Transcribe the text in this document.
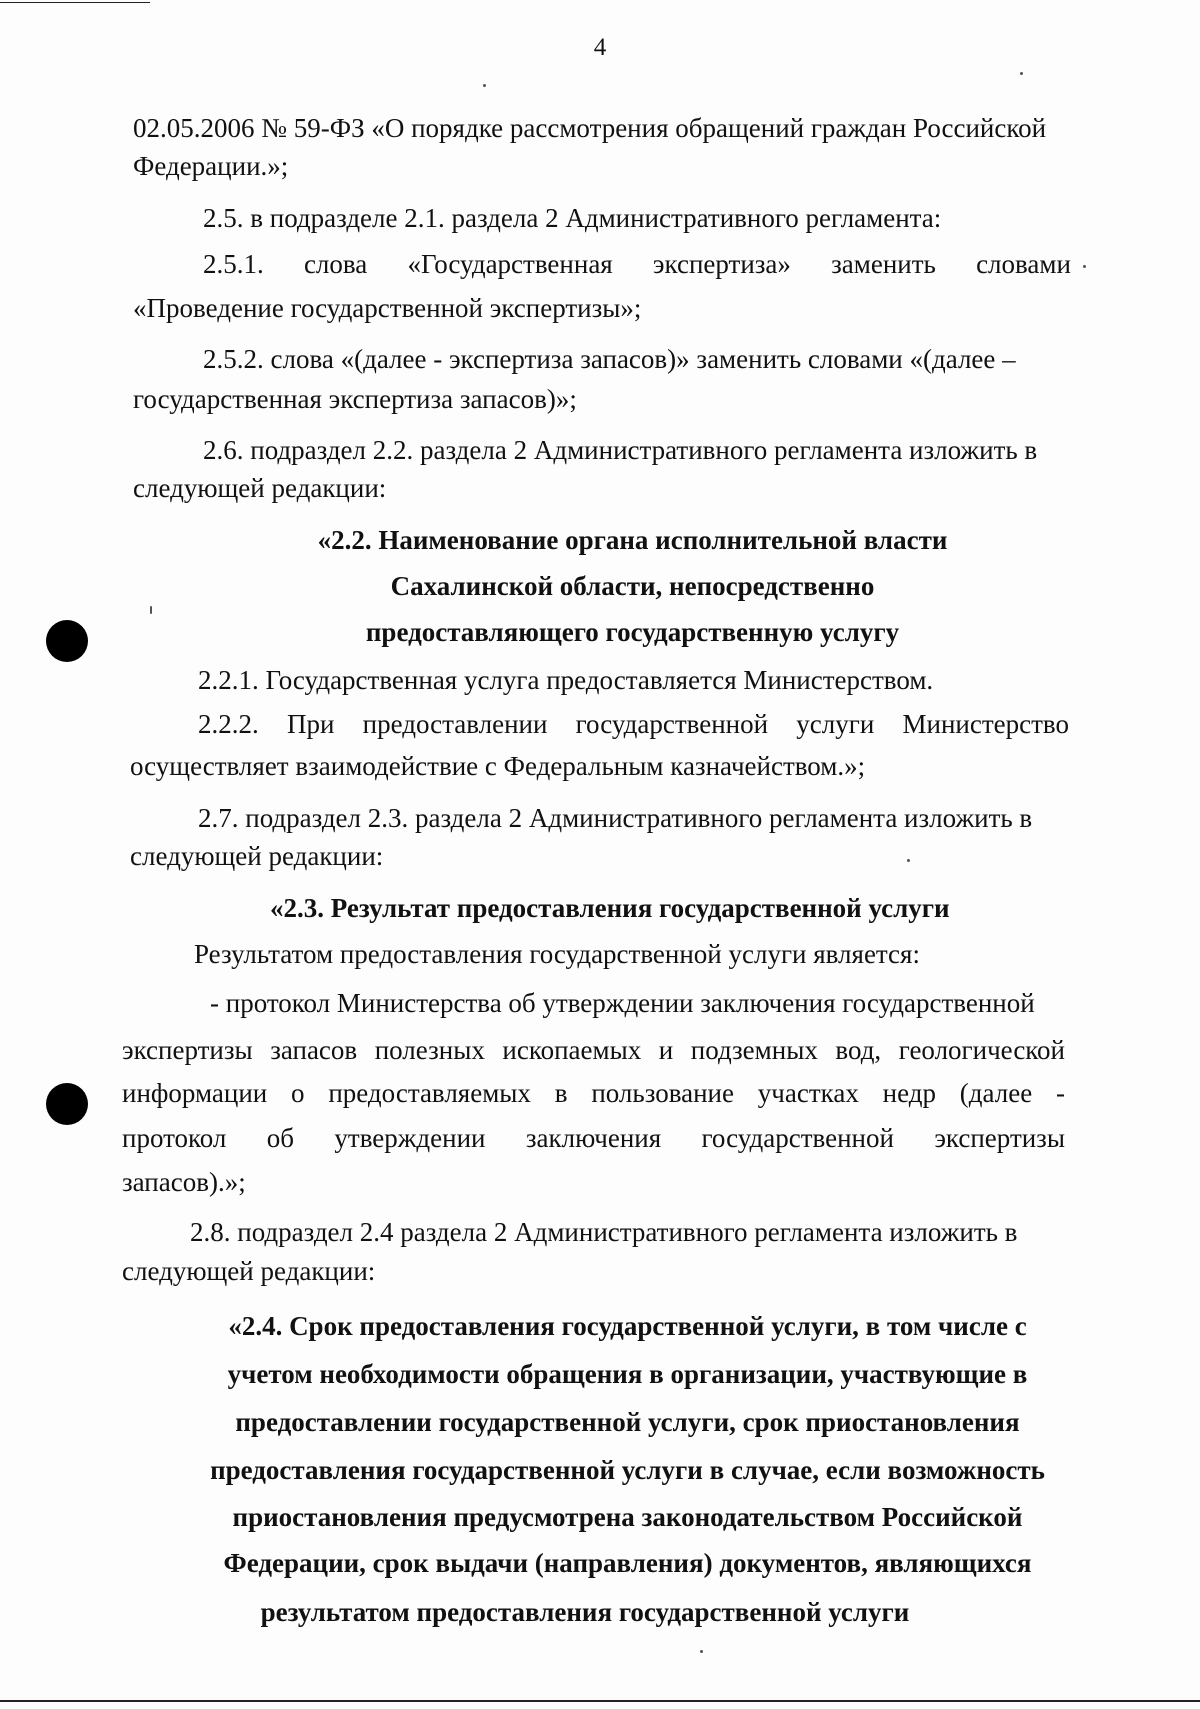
4
02.05.2006 № 59-ФЗ «О порядке рассмотрения обращений граждан Российской
Федерации.»;
2.5. в подразделе 2.1. раздела 2 Административного регламента:
2.5.1. слова «Государственная экспертиза» заменить словами
«Проведение государственной экспертизы»;
2.5.2. слова «(далее - экспертиза запасов)» заменить словами «(далее –
государственная экспертиза запасов)»;
2.6. подраздел 2.2. раздела 2 Административного регламента изложить в
следующей редакции:
«2.2. Наименование органа исполнительной власти
Сахалинской области, непосредственно
предоставляющего государственную услугу
2.2.1. Государственная услуга предоставляется Министерством.
2.2.2. При предоставлении государственной услуги Министерство
осуществляет взаимодействие с Федеральным казначейством.»;
2.7. подраздел 2.3. раздела 2 Административного регламента изложить в
следующей редакции:
«2.3. Результат предоставления государственной услуги
Результатом предоставления государственной услуги является:
- протокол Министерства об утверждении заключения государственной
экспертизы запасов полезных ископаемых и подземных вод, геологической
информации о предоставляемых в пользование участках недр (далее -
протокол об утверждении заключения государственной экспертизы
запасов).»;
2.8. подраздел 2.4 раздела 2 Административного регламента изложить в
следующей редакции:
«2.4. Срок предоставления государственной услуги, в том числе с
учетом необходимости обращения в организации, участвующие в
предоставлении государственной услуги, срок приостановления
предоставления государственной услуги в случае, если возможность
приостановления предусмотрена законодательством Российской
Федерации, срок выдачи (направления) документов, являющихся
результатом предоставления государственной услуги
